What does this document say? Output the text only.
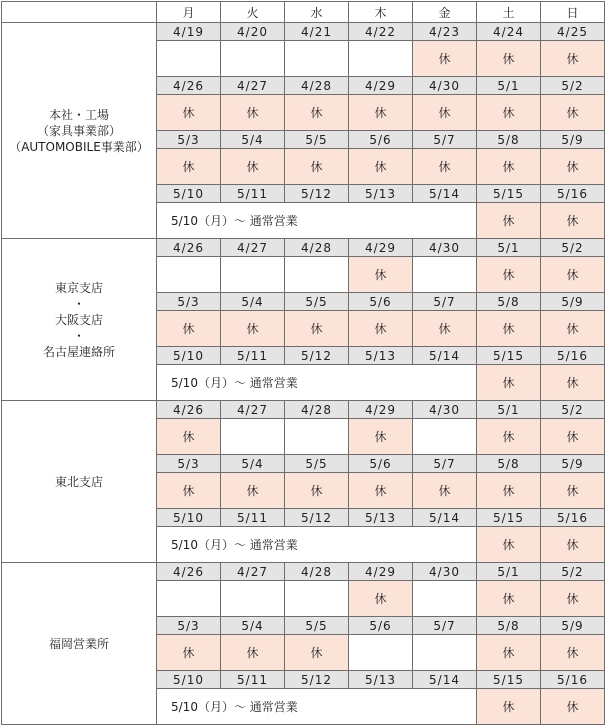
	月	火	水	木	金	土	日

本社・工場
（家具事業部）
（AUTOMOBILE事業部）	4/19	4/20	4/21	4/22	4/23	4/24	4/25
					休	休	休
	4/26	4/27	4/28	4/29	4/30	5/1	5/2
	休	休	休	休	休	休	休
	5/3	5/4	5/5	5/6	5/7	5/8	5/9
	休	休	休	休	休	休	休
	5/10	5/11	5/12	5/13	5/14	5/15	5/16
	5/10（月）～ 通常営業					休	休

東京支店
・
大阪支店
・
名古屋連絡所	4/26	4/27	4/28	4/29	4/30	5/1	5/2
				休		休	休
	5/3	5/4	5/5	5/6	5/7	5/8	5/9
	休	休	休	休	休	休	休
	5/10	5/11	5/12	5/13	5/14	5/15	5/16
	5/10（月）～ 通常営業					休	休

東北支店	4/26	4/27	4/28	4/29	4/30	5/1	5/2
	休			休		休	休
	5/3	5/4	5/5	5/6	5/7	5/8	5/9
	休	休	休	休	休	休	休
	5/10	5/11	5/12	5/13	5/14	5/15	5/16
	5/10（月）～ 通常営業					休	休

福岡営業所	4/26	4/27	4/28	4/29	4/30	5/1	5/2
				休		休	休
	5/3	5/4	5/5	5/6	5/7	5/8	5/9
	休	休	休			休	休
	5/10	5/11	5/12	5/13	5/14	5/15	5/16
	5/10（月）～ 通常営業					休	休
